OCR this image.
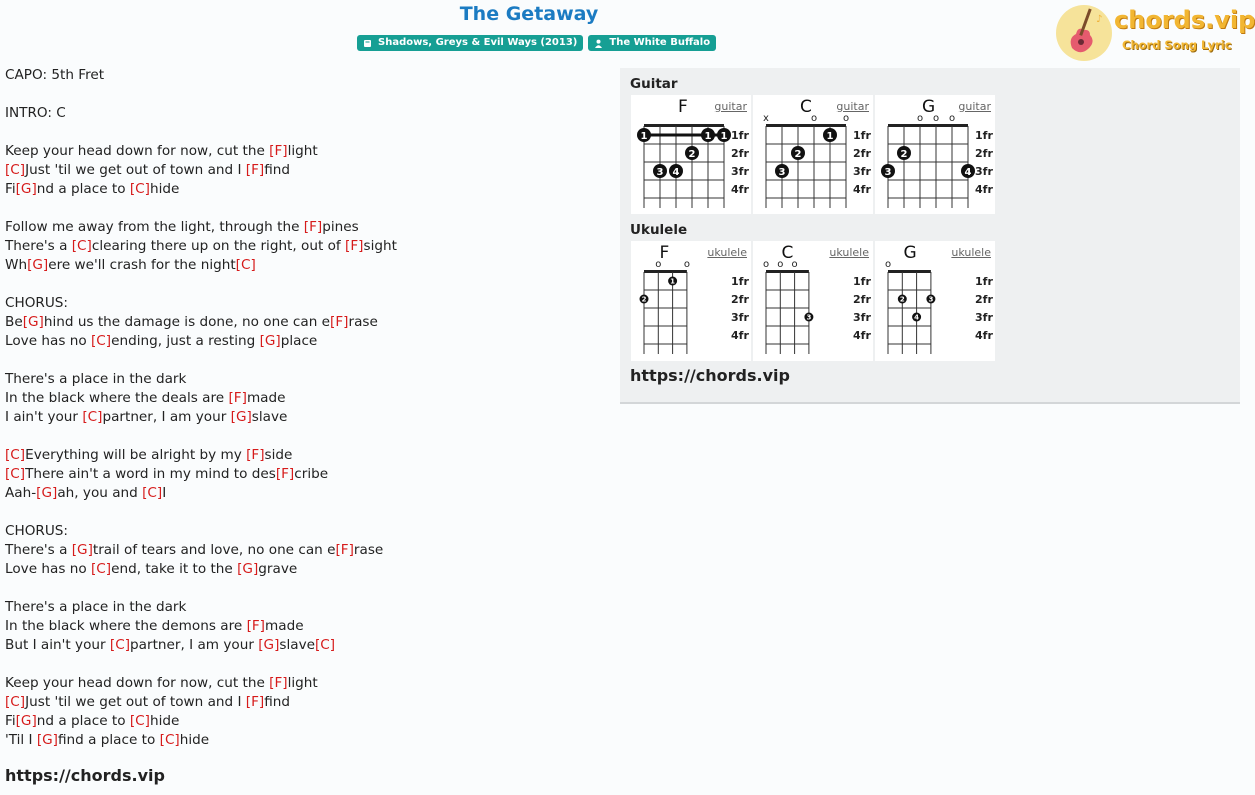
The Getaway
Shadows, Greys & Evil Ways (2013)	The White Buffalo
♪ chords.vip
Chord Song Lyric
CAPO: 5th Fret
INTRO: C
Keep your head down for now, cut the [F]light
[C]Just 'til we get out of town and I [F]find
Fi[G]nd a place to [C]hide
Follow me away from the light, through the [F]pines
There's a [C]clearing there up on the right, out of [F]sight
Wh[G]ere we'll crash for the night[C]
CHORUS:
Be[G]hind us the damage is done, no one can e[F]rase
Love has no [C]ending, just a resting [G]place
There's a place in the dark
In the black where the deals are [F]made
I ain't your [C]partner, I am your [G]slave
[C]Everything will be alright by my [F]side
[C]There ain't a word in my mind to des[F]cribe
Aah-[G]ah, you and [C]I
CHORUS:
There's a [G]trail of tears and love, no one can e[F]rase
Love has no [C]end, take it to the [G]grave
There's a place in the dark
In the black where the demons are [F]made
But I ain't your [C]partner, I am your [G]slave[C]
Keep your head down for now, cut the [F]light
[C]Just 'til we get out of town and I [F]find
Fi[G]nd a place to [C]hide
'Til I [G]find a place to [C]hide
https://chords.vip
Guitar
1fr
2fr
3fr
4fr
1	1 1
2
3 4
F guitar
1fr
2fr
3fr
4fr
x	o	o
1
2
3
C guitar
1fr
2fr
3fr
4fr
o o o
2
3	4
G guitar
Ukulele
1fr
2fr
3fr
4fr
o o
1
2
F	ukulele
1fr
2fr
3fr
4fr
o o o
3
C	ukulele
1fr
2fr
3fr
4fr
o
2	3
4
G	ukulele
https://chords.vip
